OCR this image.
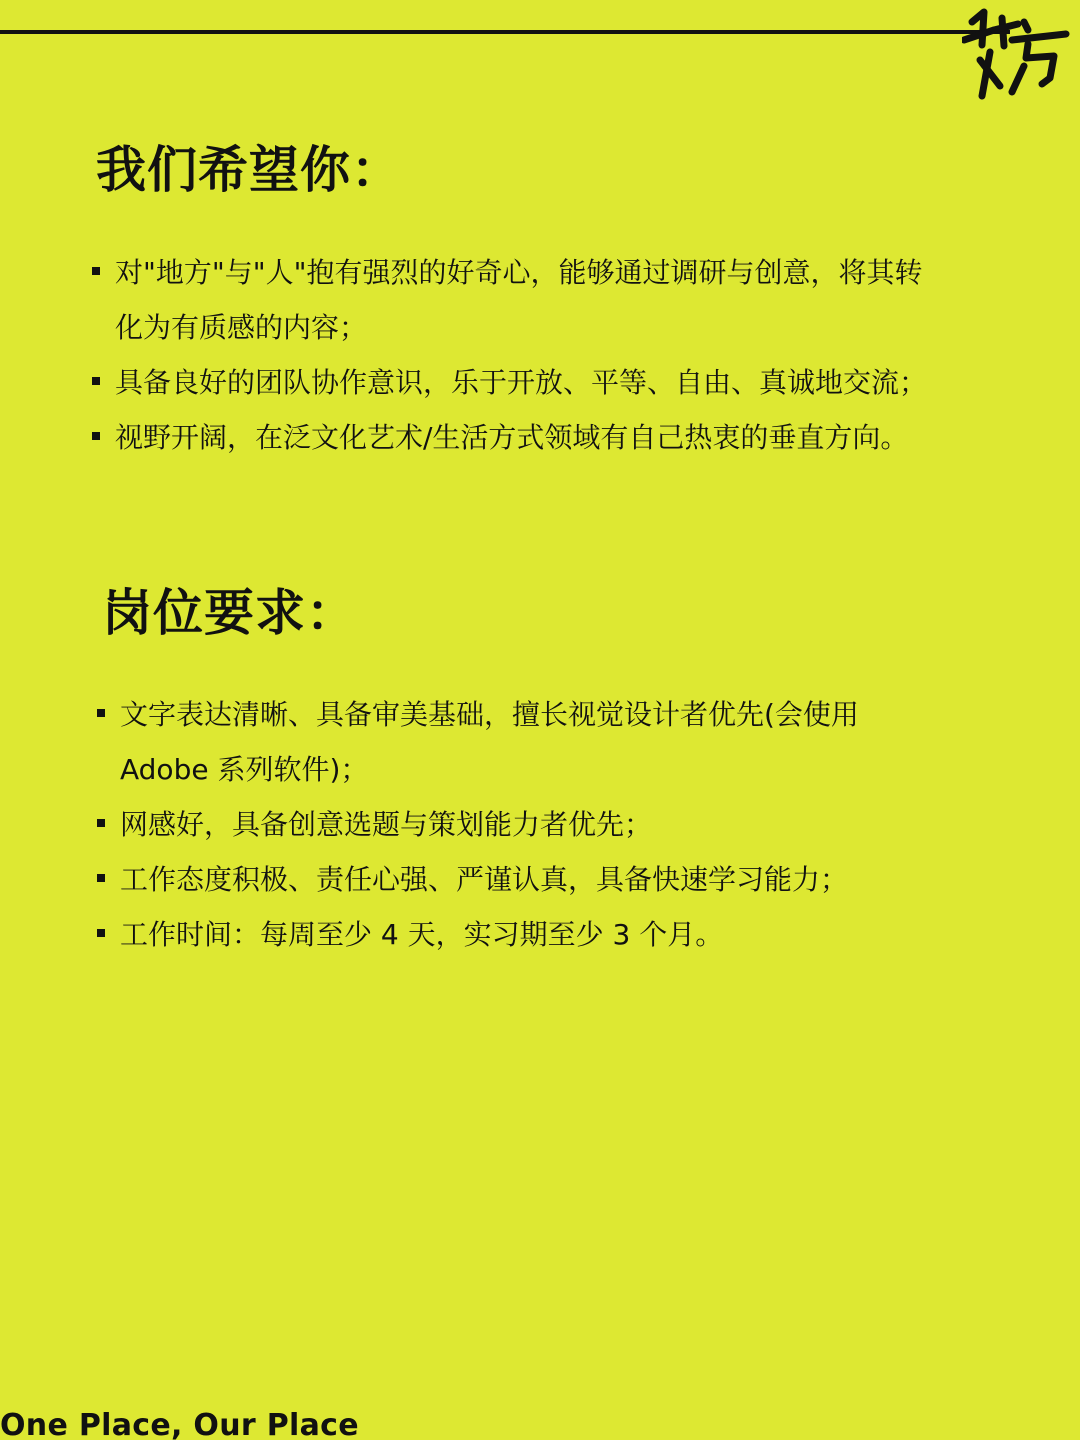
我们希望你：
对"地方"与"人"抱有强烈的好奇心，能够通过调研与创意，将其转
化为有质感的内容；
具备良好的团队协作意识，乐于开放、平等、自由、真诚地交流；
视野开阔，在泛文化艺术/生活方式领域有自己热衷的垂直方向。
岗位要求：
文字表达清晰、具备审美基础，擅长视觉设计者优先(会使用
Adobe 系列软件)；
网感好，具备创意选题与策划能力者优先；
工作态度积极、责任心强、严谨认真，具备快速学习能力；
工作时间：每周至少 4 天，实习期至少 3 个月。

One Place, Our Place
